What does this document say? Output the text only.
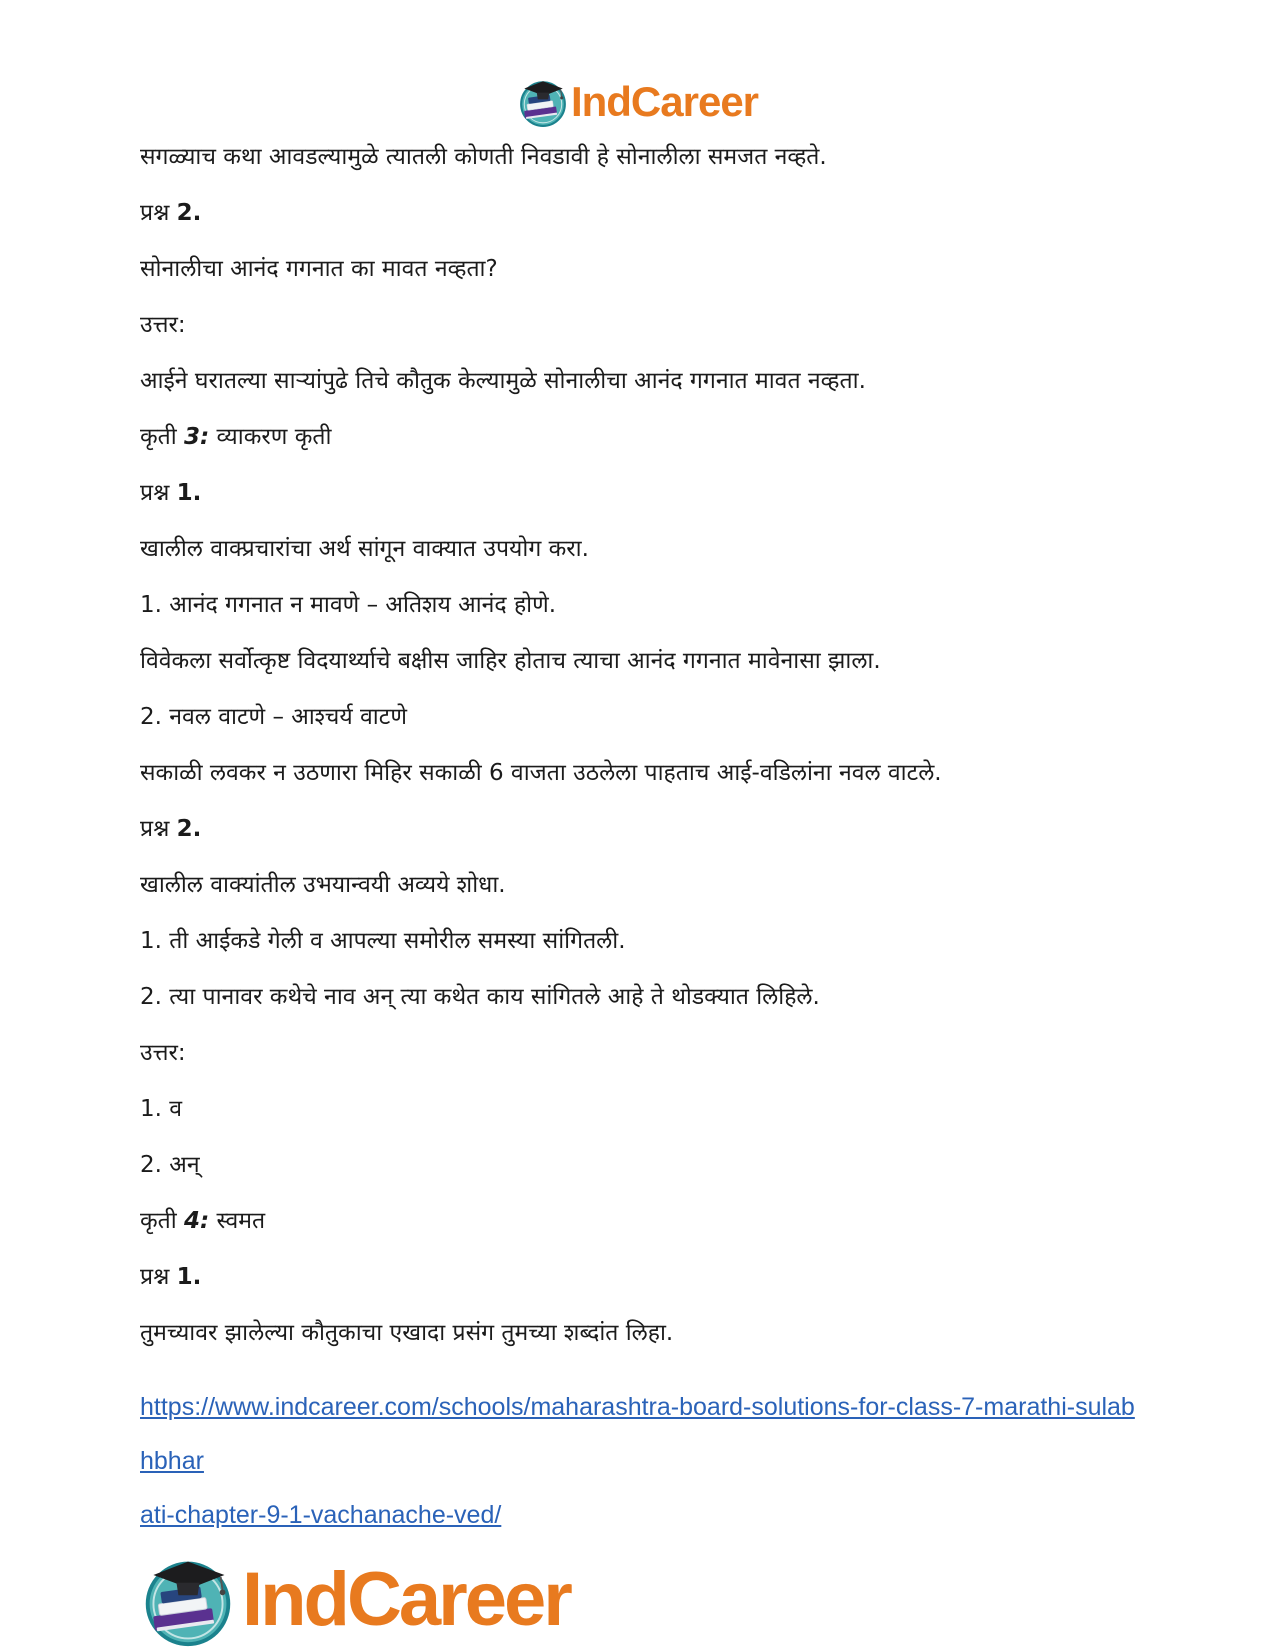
IndCareer

सगळ्याच कथा आवडल्यामुळे त्यातली कोणती निवडावी हे सोनालीला समजत नव्हते.

प्रश्न 2.

सोनालीचा आनंद गगनात का मावत नव्हता?

उत्तर:

आईने घरातल्या साऱ्यांपुढे तिचे कौतुक केल्यामुळे सोनालीचा आनंद गगनात मावत नव्हता.

कृती 3: व्याकरण कृती

प्रश्न 1.

खालील वाक्प्रचारांचा अर्थ सांगून वाक्यात उपयोग करा.

1. आनंद गगनात न मावणे – अतिशय आनंद होणे.

विवेकला सर्वोत्कृष्ट विदयार्थ्याचे बक्षीस जाहिर होताच त्याचा आनंद गगनात मावेनासा झाला.

2. नवल वाटणे – आश्चर्य वाटणे

सकाळी लवकर न उठणारा मिहिर सकाळी 6 वाजता उठलेला पाहताच आई-वडिलांना नवल वाटले.

प्रश्न 2.

खालील वाक्यांतील उभयान्वयी अव्यये शोधा.

1. ती आईकडे गेली व आपल्या समोरील समस्या सांगितली.

2. त्या पानावर कथेचे नाव अन् त्या कथेत काय सांगितले आहे ते थोडक्यात लिहिले.

उत्तर:

1. व

2. अन्

कृती 4: स्वमत

प्रश्न 1.

तुमच्यावर झालेल्या कौतुकाचा एखादा प्रसंग तुमच्या शब्दांत लिहा.

https://www.indcareer.com/schools/maharashtra-board-solutions-for-class-7-marathi-sulabhbhar
ati-chapter-9-1-vachanache-ved/

IndCareer
